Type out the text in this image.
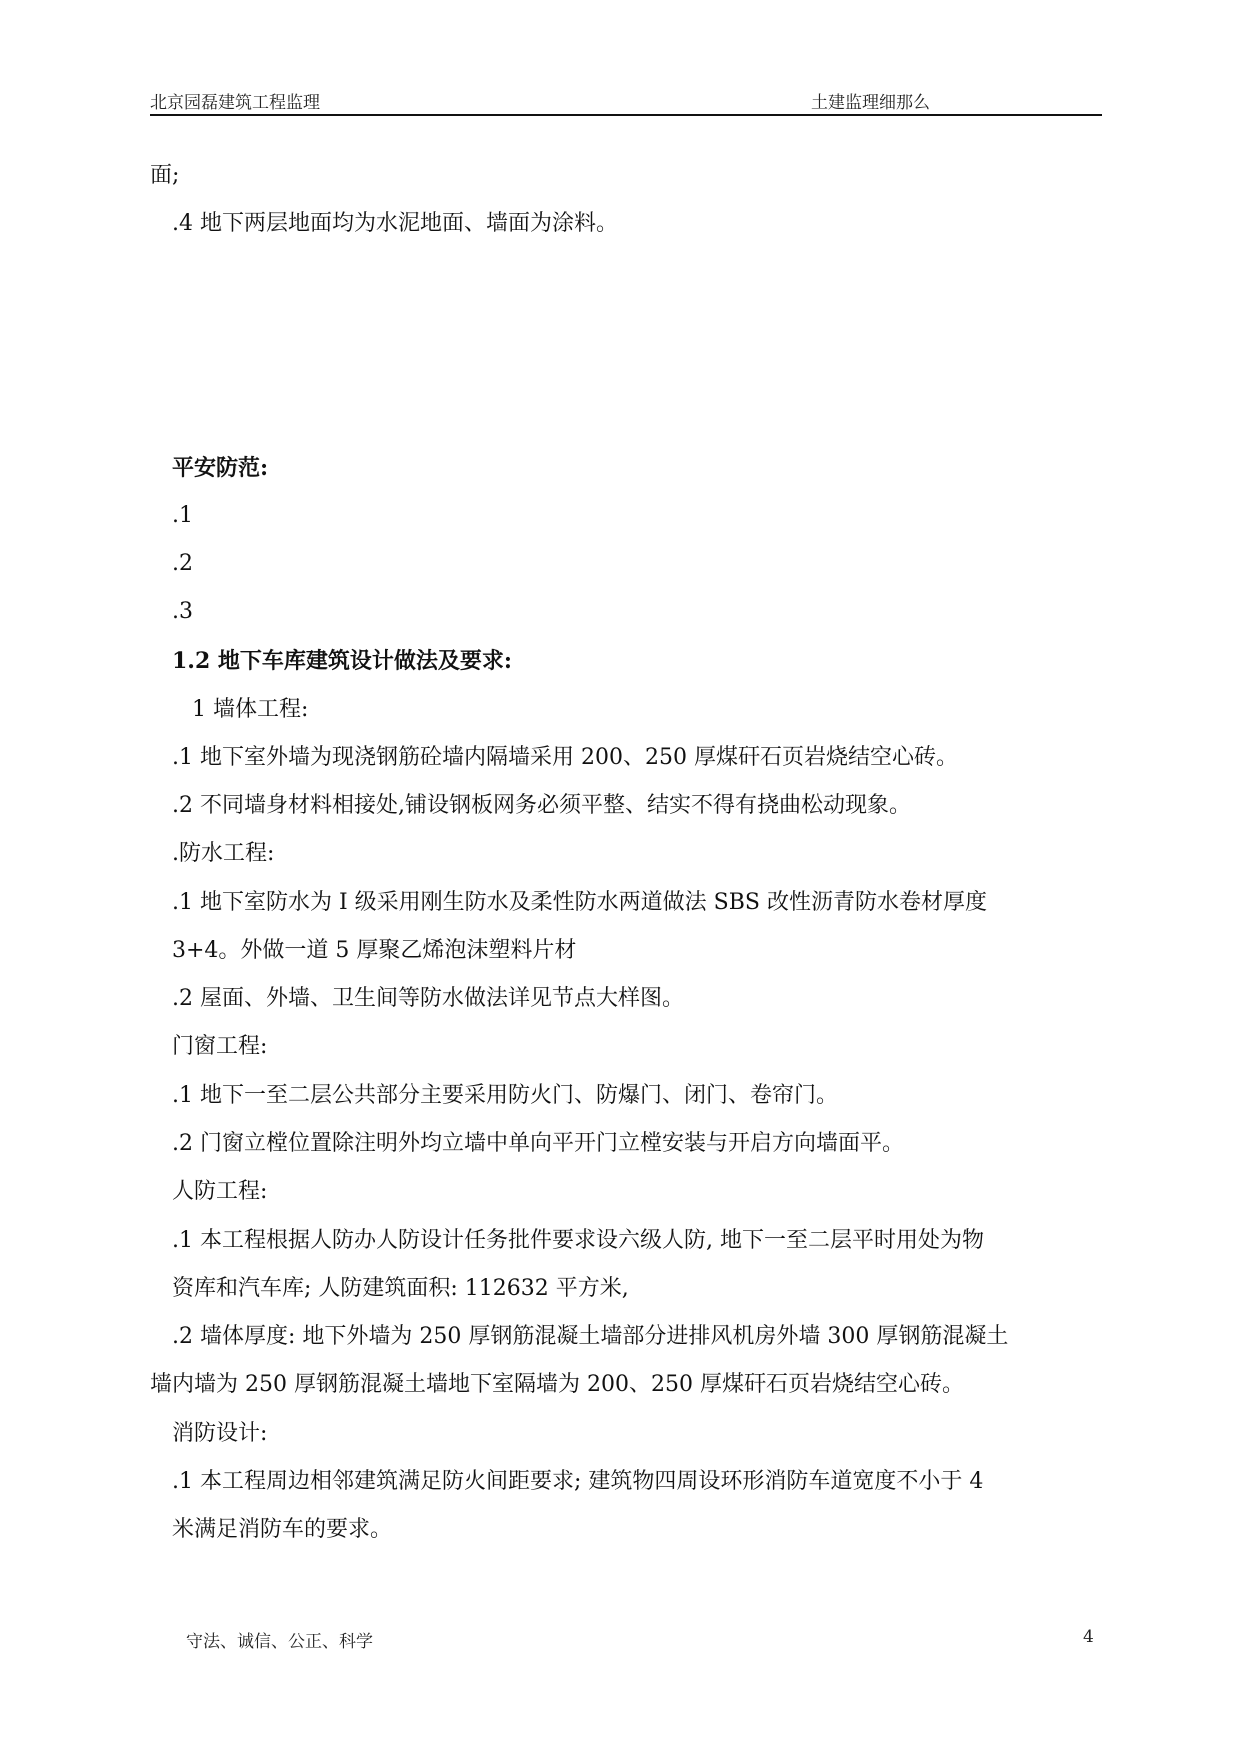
北京园磊建筑工程监理	土建监理细那么
面;
.4 地下两层地面均为水泥地面、墙面为涂料。
平安防范:
.1
.2
.3
1.2 地下车库建筑设计做法及要求:
1 墙体工程:
.1 地下室外墙为现浇钢筋砼墙内隔墙采用 200、250 厚煤矸石页岩烧结空心砖。
.2 不同墙身材料相接处,铺设钢板网务必须平整、结实不得有挠曲松动现象。
.防水工程:
.1 地下室防水为 I 级采用刚生防水及柔性防水两道做法 SBS 改性沥青防水卷材厚度
3+4。外做一道 5 厚聚乙烯泡沫塑料片材
.2 屋面、外墙、卫生间等防水做法详见节点大样图。
门窗工程:
.1 地下一至二层公共部分主要采用防火门、防爆门、闭门、卷帘门。
.2 门窗立樘位置除注明外均立墙中单向平开门立樘安装与开启方向墙面平。
人防工程:
.1 本工程根据人防办人防设计任务批件要求设六级人防, 地下一至二层平时用处为物
资库和汽车库; 人防建筑面积: 112632 平方米,
.2 墙体厚度: 地下外墙为 250 厚钢筋混凝土墙部分进排风机房外墙 300 厚钢筋混凝土
墙内墙为 250 厚钢筋混凝土墙地下室隔墙为 200、250 厚煤矸石页岩烧结空心砖。
消防设计:
.1 本工程周边相邻建筑满足防火间距要求; 建筑物四周设环形消防车道宽度不小于 4
米满足消防车的要求。
守法、诚信、公正、科学	4
